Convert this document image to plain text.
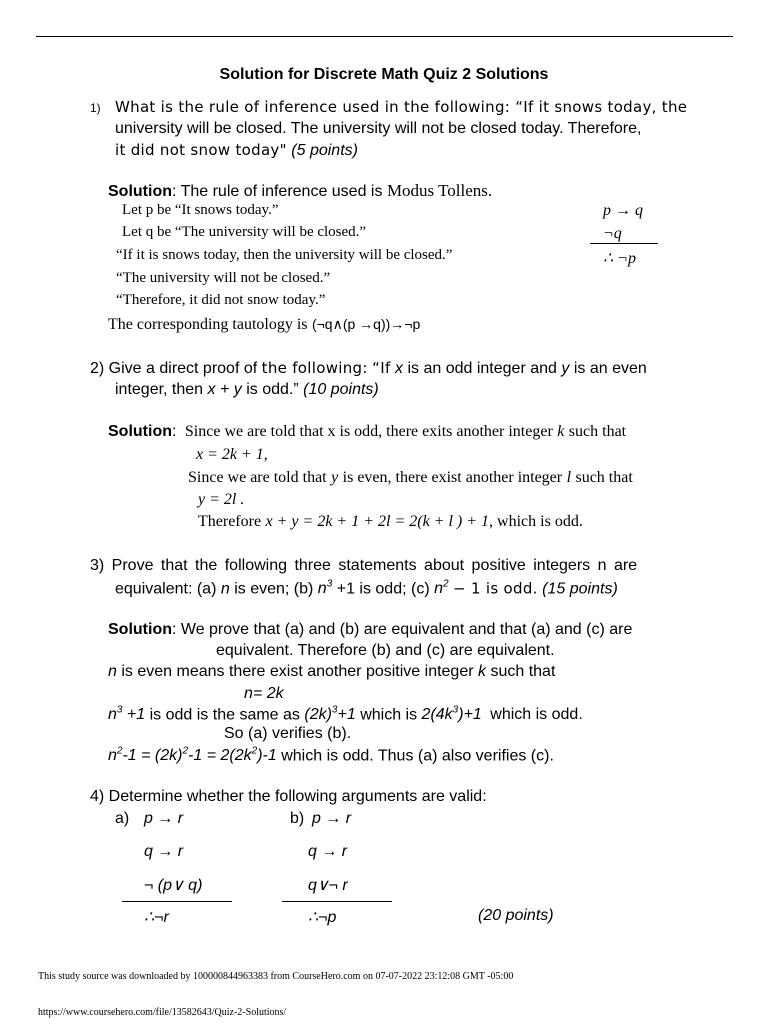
Solution for Discrete Math Quiz 2 Solutions
1) What is the rule of inference used in the following: “If it snows today, the
university will be closed. The university will not be closed today. Therefore,
it did not snow today" (5 points)
Solution: The rule of inference used is Modus Tollens.
Let p be “It snows today.”
Let q be “The university will be closed.”
“If it is snows today, then the university will be closed.”
“The university will not be closed.”
“Therefore, it did not snow today.”
The corresponding tautology is (¬q∧(p →q))→¬p
p → q
¬q
∴ ¬p
2) Give a direct proof of the following: “If x is an odd integer and y is an even
integer, then x + y is odd.” (10 points)
Solution: Since we are told that x is odd, there exits another integer k such that
x = 2k + 1,
Since we are told that y is even, there exist another integer l such that
y = 2l .
Therefore x + y = 2k + 1 + 2l = 2(k + l ) + 1, which is odd.
3) Prove that the following three statements about positive integers n are
equivalent: (a) n is even; (b) $n^3 +1$ is odd; (c) $n^2 - 1$ is odd. (15 points)
Solution: We prove that (a) and (b) are equivalent and that (a) and (c) are
equivalent. Therefore (b) and (c) are equivalent.
n is even means there exist another positive integer k such that
n= 2k
$n^3 +1$ is odd is the same as $(2k)^3+1$ which is $2(4k^3)+1$ which is odd.
So (a) verifies (b).
$n^2-1 = (2k)^2-1 = 2(2k^2)-1$ which is odd. Thus (a) also verifies (c).
4) Determine whether the following arguments are valid:
a) p → r	b) p → r
q → r	q → r
¬ (p∨ q)	q∨¬ r
∴¬r	∴¬p	(20 points)
This study source was downloaded by 100000844963383 from CourseHero.com on 07-07-2022 23:12:08 GMT -05:00
https://www.coursehero.com/file/13582643/Quiz-2-Solutions/
